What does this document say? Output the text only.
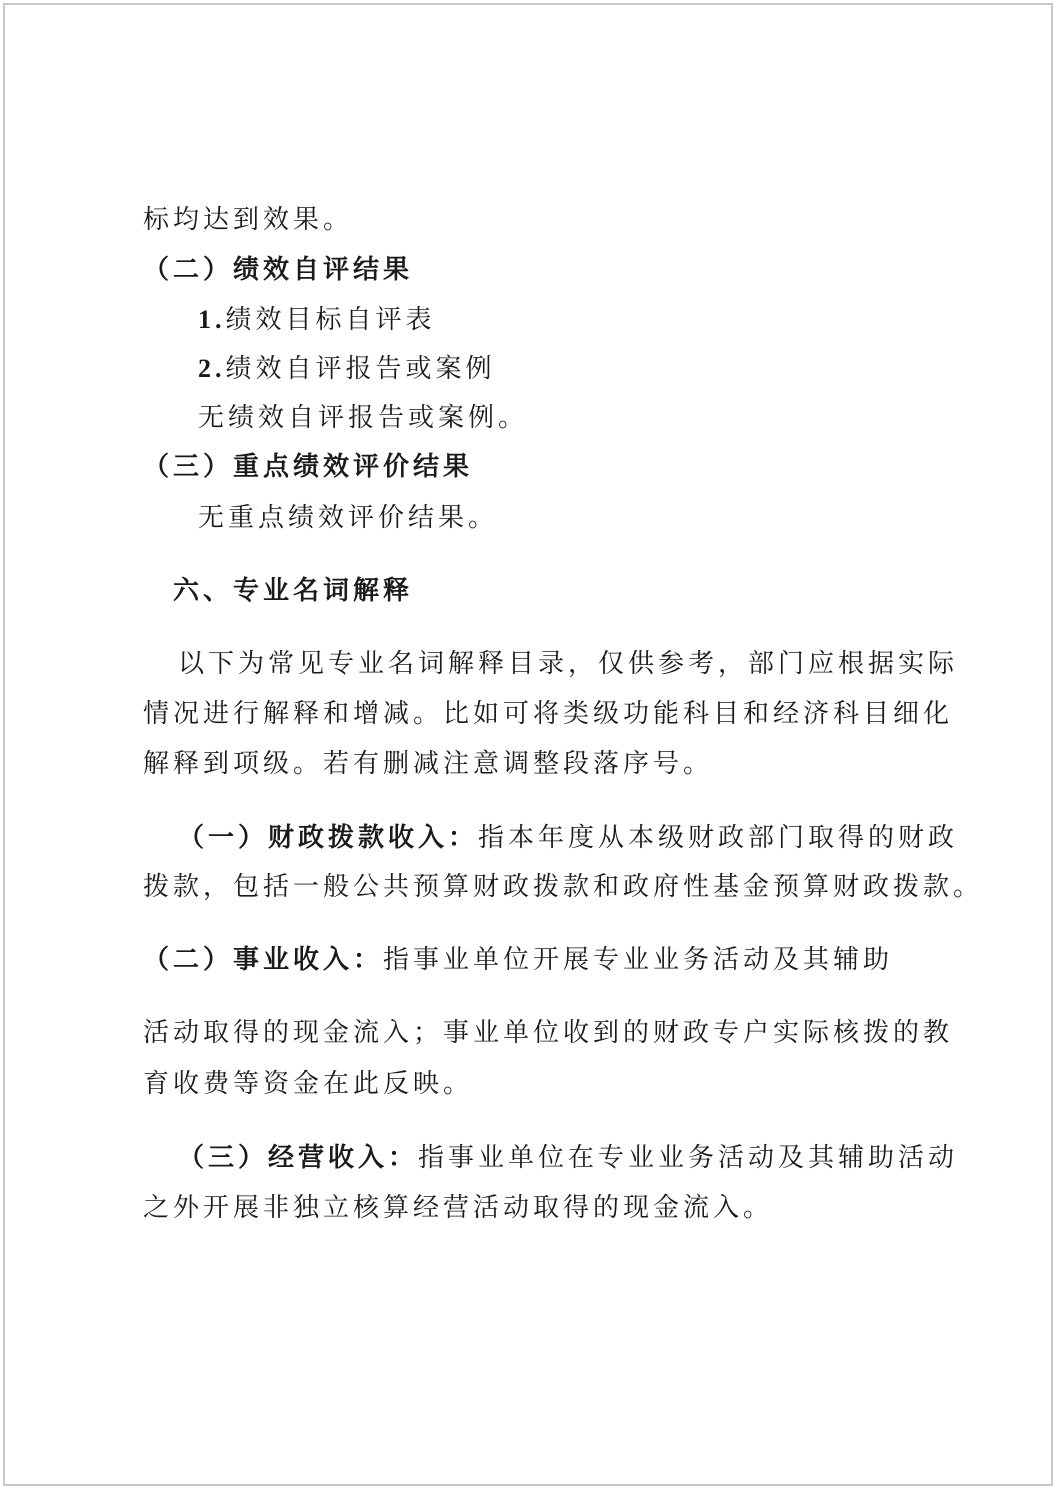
标均达到效果。
（二）绩效自评结果
1.绩效目标自评表
2.绩效自评报告或案例
无绩效自评报告或案例。
（三）重点绩效评价结果
无重点绩效评价结果。
六、专业名词解释
以下为常见专业名词解释目录，仅供参考，部门应根据实际
情况进行解释和增减。比如可将类级功能科目和经济科目细化
解释到项级。若有删减注意调整段落序号。
（一）财政拨款收入：指本年度从本级财政部门取得的财政
拨款，包括一般公共预算财政拨款和政府性基金预算财政拨款。
（二）事业收入：指事业单位开展专业业务活动及其辅助
活动取得的现金流入；事业单位收到的财政专户实际核拨的教
育收费等资金在此反映。
（三）经营收入：指事业单位在专业业务活动及其辅助活动
之外开展非独立核算经营活动取得的现金流入。
